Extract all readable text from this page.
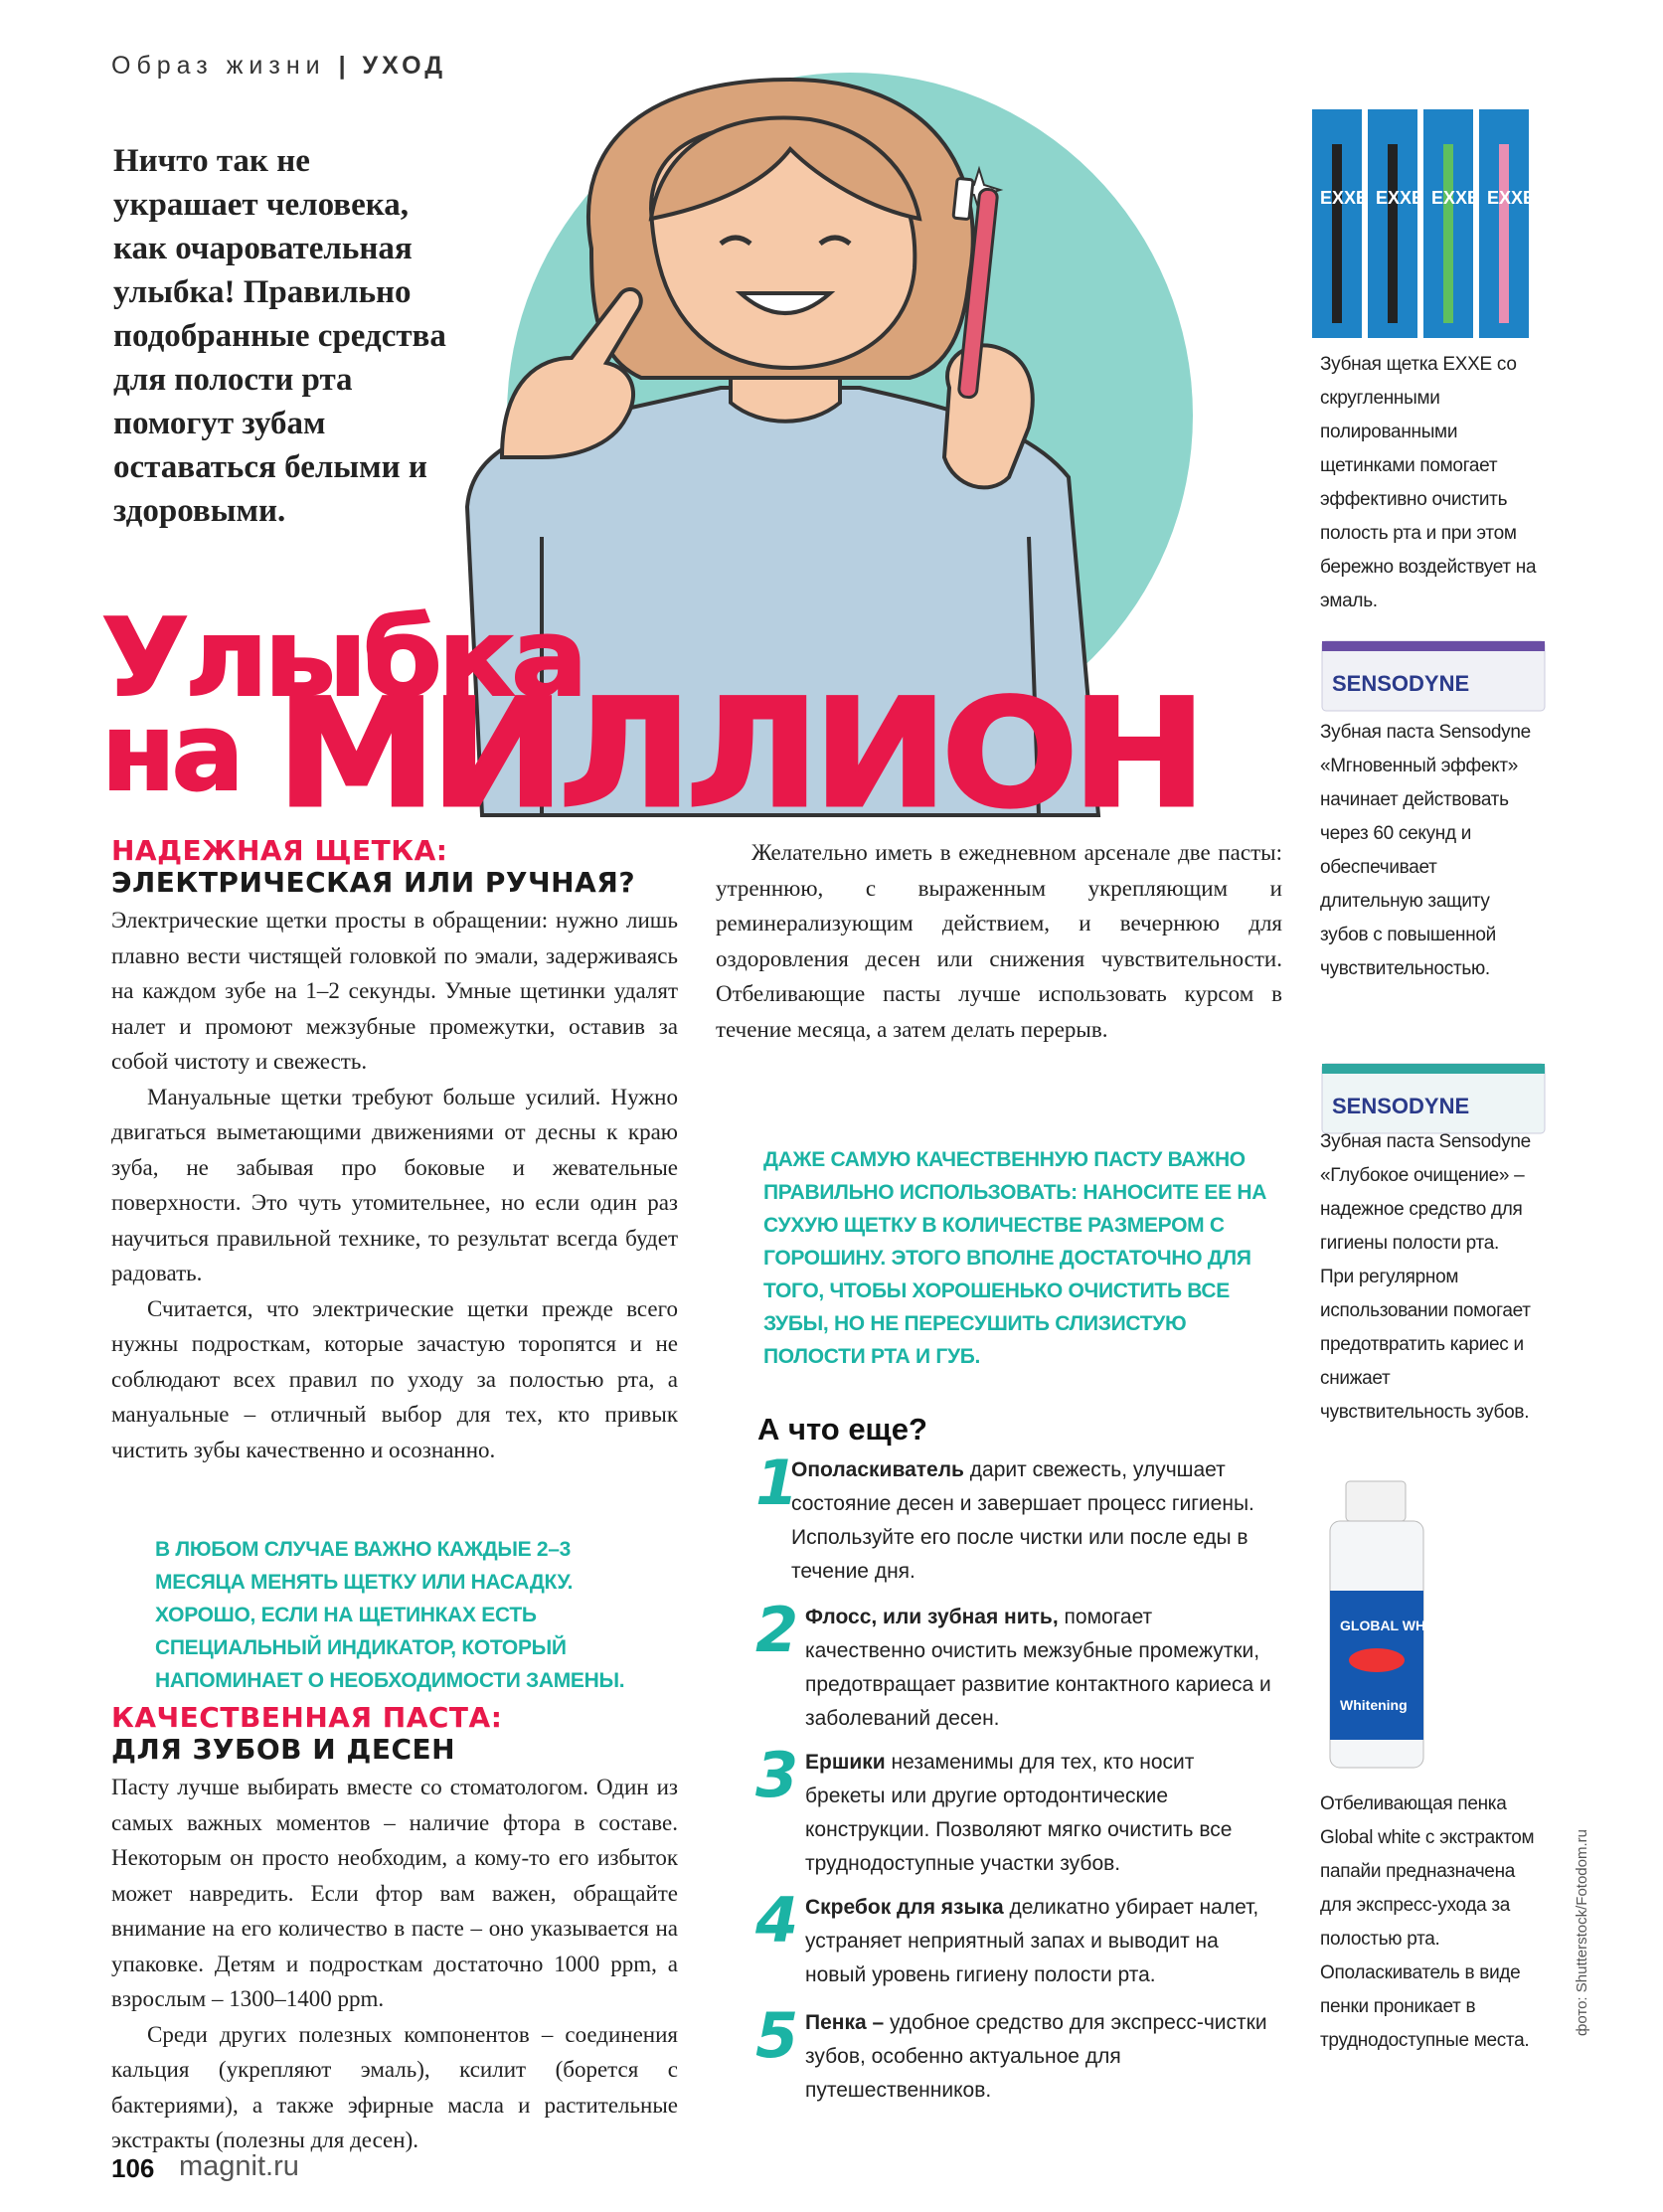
Образ жизни | УХОД
Ничто так не украшает человека, как очаровательная улыбка! Правильно подобранные средства для полости рта помогут зубам оставаться белыми и здоровыми.
Улыбка
на МИЛЛИОН
НАДЕЖНАЯ ЩЕТКА:
ЭЛЕКТРИЧЕСКАЯ ИЛИ РУЧНАЯ?

Электрические щетки просты в обращении: нужно лишь плавно вести чистящей головкой по эмали, задерживаясь на каждом зубе на 1–2 секунды. Умные щетинки удалят налет и промоют межзубные промежутки, оставив за собой чистоту и свежесть.

Мануальные щетки требуют больше усилий. Нужно двигаться выметающими движениями от десны к краю зуба, не забывая про боковые и жевательные поверхности. Это чуть утомительнее, но если один раз научиться правильной технике, то результат всегда будет радовать.

Считается, что электрические щетки прежде всего нужны подросткам, которые зачастую торопятся и не соблюдают всех правил по уходу за полостью рта, а мануальные – отличный выбор для тех, кто привык чистить зубы качественно и осознанно.

В ЛЮБОМ СЛУЧАЕ ВАЖНО КАЖДЫЕ 2–3 МЕСЯЦА МЕНЯТЬ ЩЕТКУ ИЛИ НАСАДКУ. ХОРОШО, ЕСЛИ НА ЩЕТИНКАХ ЕСТЬ СПЕЦИАЛЬНЫЙ ИНДИКАТОР, КОТОРЫЙ НАПОМИНАЕТ О НЕОБХОДИМОСТИ ЗАМЕНЫ.
КАЧЕСТВЕННАЯ ПАСТА:
ДЛЯ ЗУБОВ И ДЕСЕН

Пасту лучше выбирать вместе со стоматологом. Один из самых важных моментов – наличие фтора в составе. Некоторым он просто необходим, а кому-то его избыток может навредить. Если фтор вам важен, обращайте внимание на его количество в пасте – оно указывается на упаковке. Детям и подросткам достаточно 1000 ppm, а взрослым – 1300–1400 ppm.

Среди других полезных компонентов – соединения кальция (укрепляют эмаль), ксилит (борется с бактериями), а также эфирные масла и растительные экстракты (полезны для десен).

Желательно иметь в ежедневном арсенале две пасты: утреннюю, с выраженным укрепляющим и реминерализующим действием, и вечернюю для оздоровления десен или снижения чувствительности. Отбеливающие пасты лучше использовать курсом в течение месяца, а затем делать перерыв.

ДАЖЕ САМУЮ КАЧЕСТВЕННУЮ ПАСТУ ВАЖНО ПРАВИЛЬНО ИСПОЛЬЗОВАТЬ: НАНОСИТЕ ЕЕ НА СУХУЮ ЩЕТКУ В КОЛИЧЕСТВЕ РАЗМЕРОМ С ГОРОШИНУ. ЭТОГО ВПОЛНЕ ДОСТАТОЧНО ДЛЯ ТОГО, ЧТОБЫ ХОРОШЕНЬКО ОЧИСТИТЬ ВСЕ ЗУБЫ, НО НЕ ПЕРЕСУШИТЬ СЛИЗИСТУЮ ПОЛОСТИ РТА И ГУБ.
А что еще?
1
Ополаскиватель дарит свежесть, улучшает состояние десен и завершает процесс гигиены. Используйте его после чистки или после еды в течение дня.
2 Флосс, или зубная нить, помогает качественно очистить межзубные промежутки, предотвращает развитие контактного кариеса и заболеваний десен.
3 Ершики незаменимы для тех, кто носит брекеты или другие ортодонтические конструкции. Позволяют мягко очистить все труднодоступные участки зубов.
4 Скребок для языка деликатно убирает налет, устраняет неприятный запах и выводит на новый уровень гигиену полости рта.
5 Пенка – удобное средство для экспресс-чистки зубов, особенно актуальное для путешественников.
EXXE EXXE EXXE EXXE
Зубная щетка EXXE со скругленными полированными щетинками помогает эффективно очистить полость рта и при этом бережно воздействует на эмаль.
SENSODYNE
Зубная паста Sensodyne «Мгновенный эффект» начинает действовать через 60 секунд и обеспечивает длительную защиту зубов с повышенной чувствительностью.
SENSODYNE
Зубная паста Sensodyne «Глубокое очищение» – надежное средство для гигиены полости рта. При регулярном использовании помогает предотвратить кариес и снижает чувствительность зубов.
GLOBAL WHITE
Whitening
Отбеливающая пенка Global white с экстрактом папайи предназначена для экспресс-ухода за полостью рта. Ополаскиватель в виде пенки проникает в труднодоступные места.
106 magnit.ru
фото: Shutterstock/Fotodom.ru
